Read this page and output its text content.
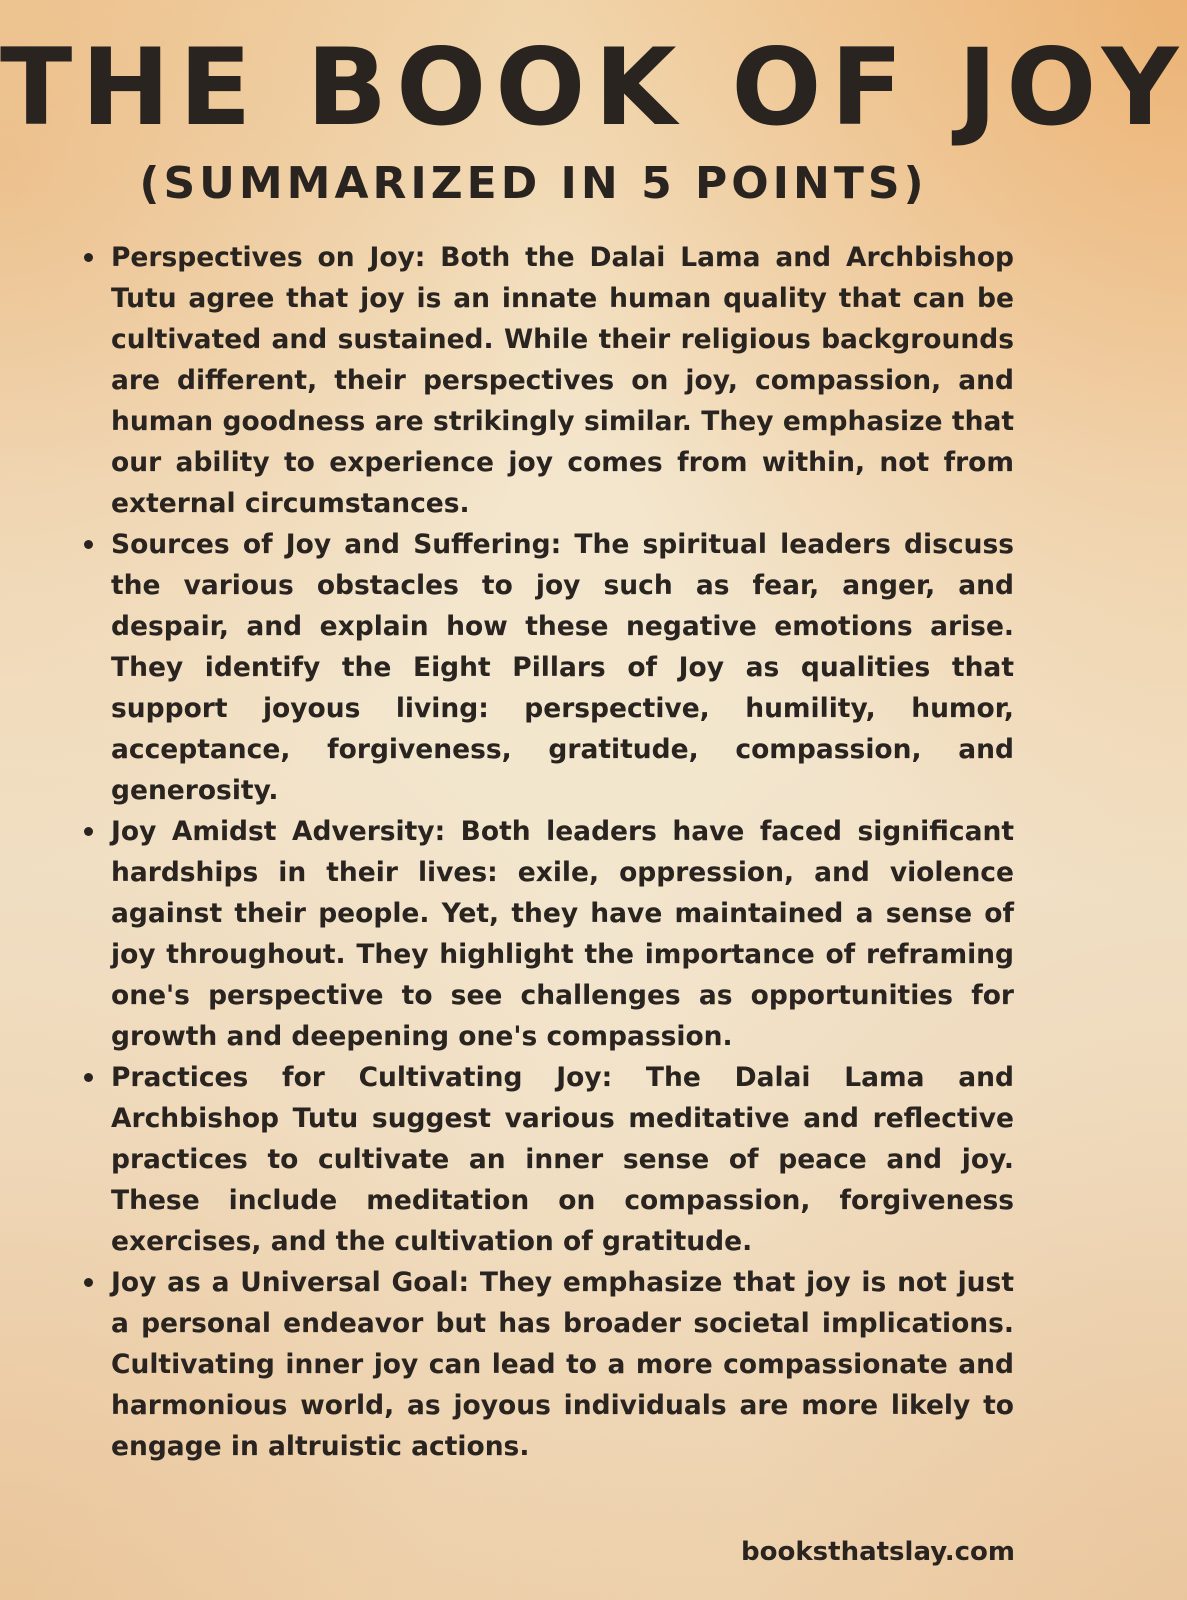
THE BOOK OF JOY
(SUMMARIZED IN 5 POINTS)
Perspectives on Joy: Both the Dalai Lama and Archbishop Tutu agree that joy is an innate human quality that can be cultivated and sustained. While their religious backgrounds are different, their perspectives on joy, compassion, and human goodness are strikingly similar. They emphasize that our ability to experience joy comes from within, not from external circumstances.
Sources of Joy and Suffering: The spiritual leaders discuss the various obstacles to joy such as fear, anger, and despair, and explain how these negative emotions arise. They identify the Eight Pillars of Joy as qualities that support joyous living: perspective, humility, humor, acceptance, forgiveness, gratitude, compassion, and generosity.
Joy Amidst Adversity: Both leaders have faced significant hardships in their lives: exile, oppression, and violence against their people. Yet, they have maintained a sense of joy throughout. They highlight the importance of reframing one's perspective to see challenges as opportunities for growth and deepening one's compassion.
Practices for Cultivating Joy: The Dalai Lama and Archbishop Tutu suggest various meditative and reflective practices to cultivate an inner sense of peace and joy. These include meditation on compassion, forgiveness exercises, and the cultivation of gratitude.
Joy as a Universal Goal: They emphasize that joy is not just a personal endeavor but has broader societal implications. Cultivating inner joy can lead to a more compassionate and harmonious world, as joyous individuals are more likely to engage in altruistic actions.
booksthatslay.com
